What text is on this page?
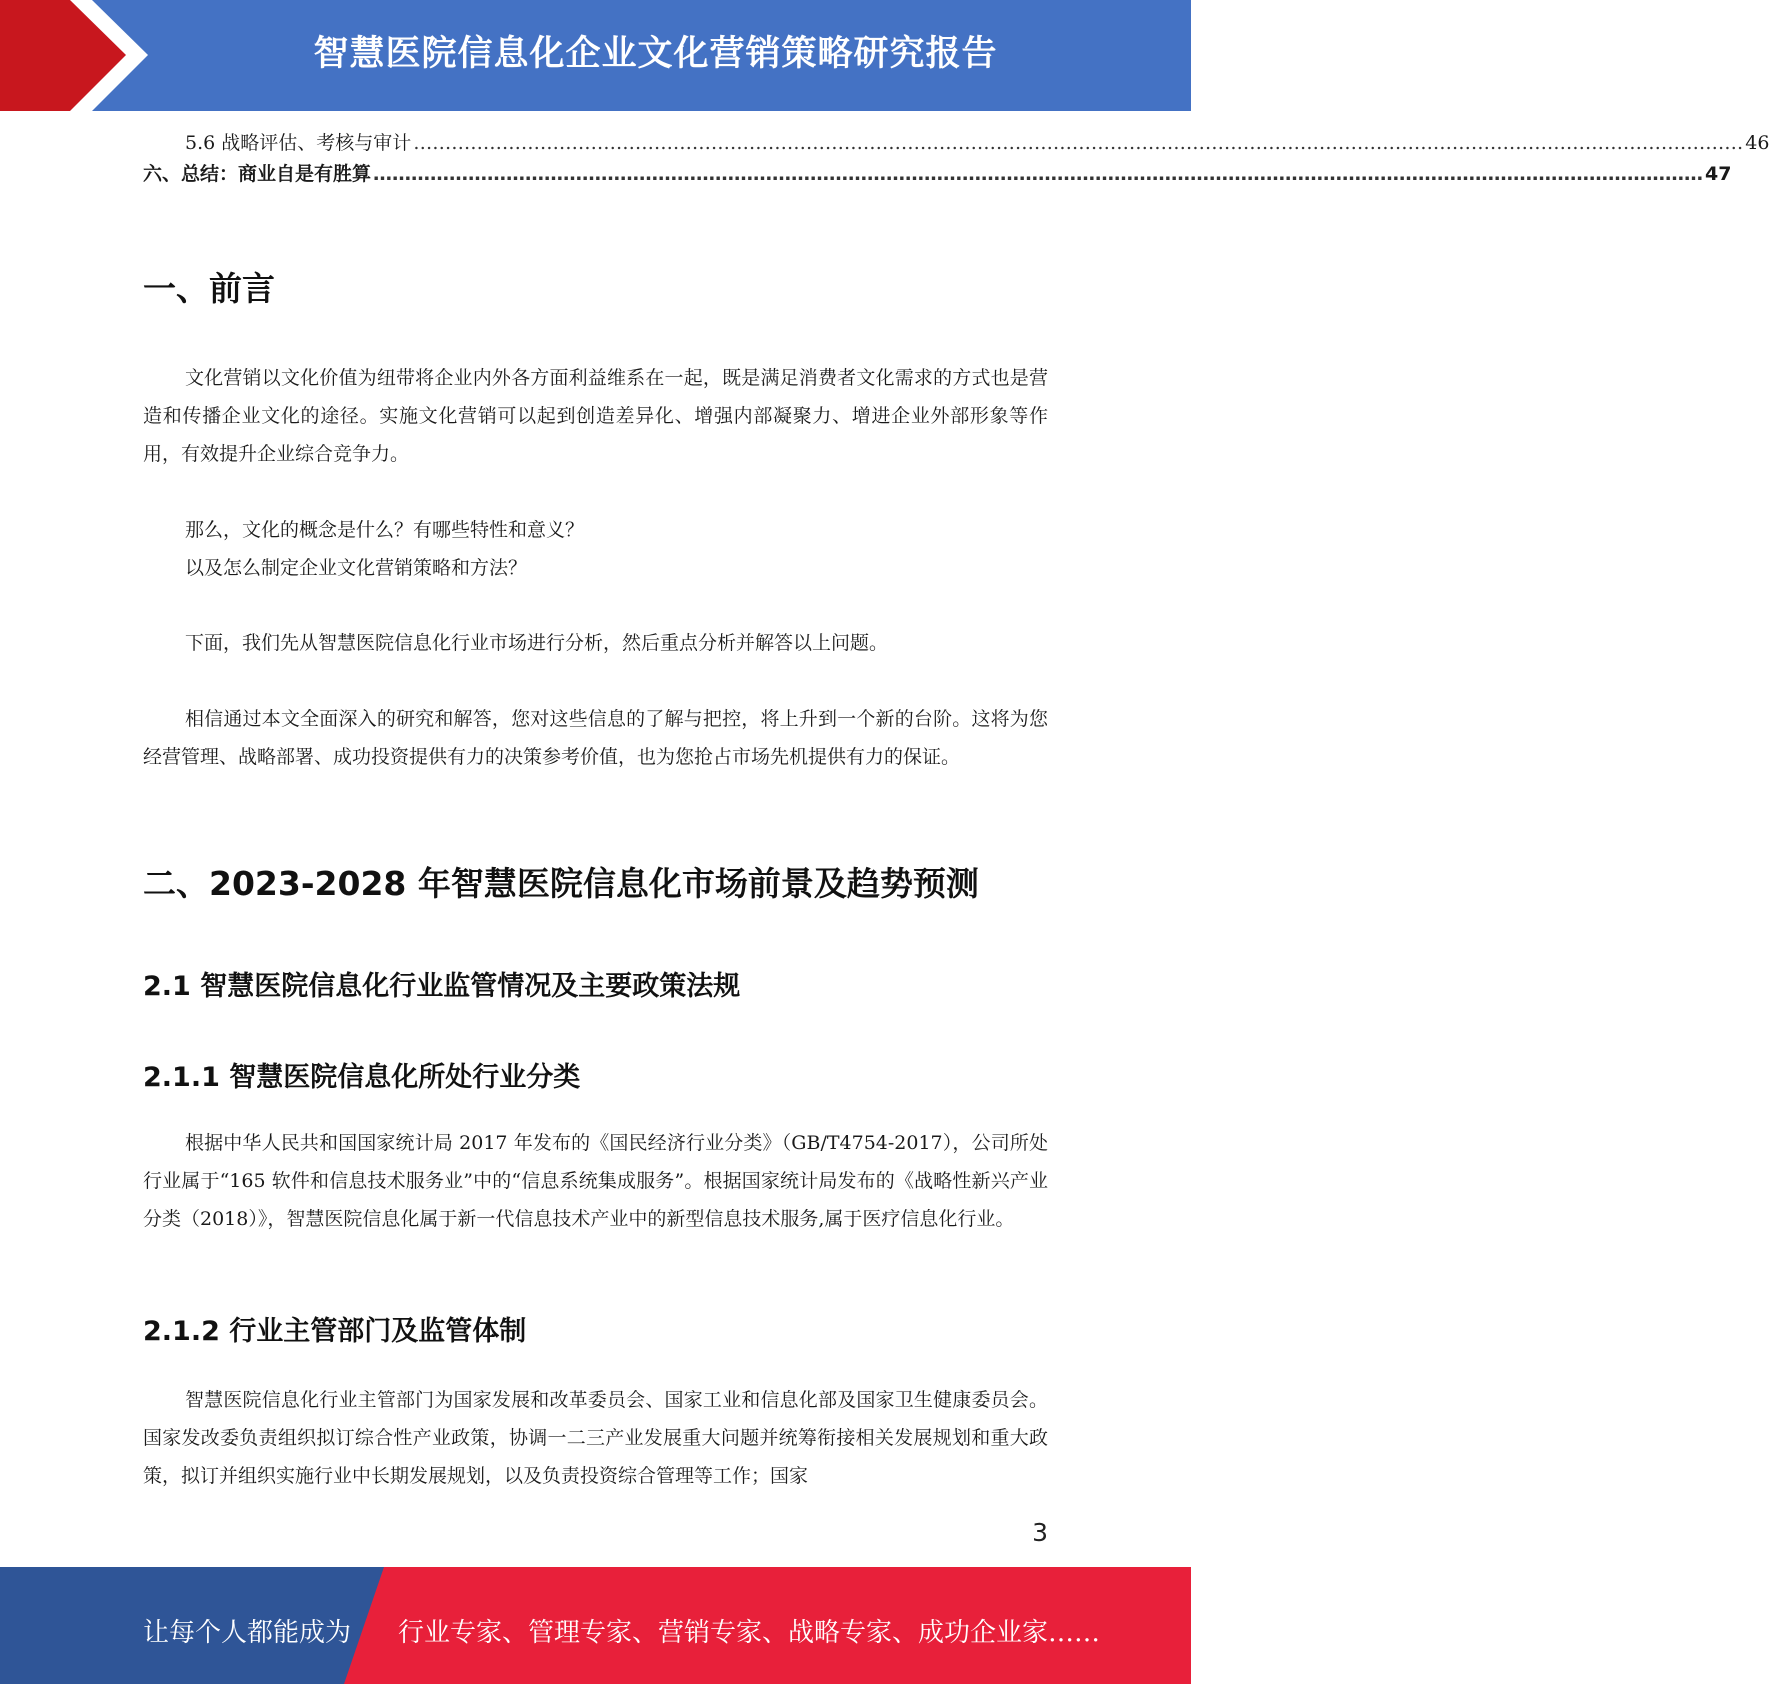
智慧医院信息化企业文化营销策略研究报告
5.6 战略评估、考核与审计 ………………………………………………………………………………………………………………………………………………………………………………………… 46
六、总结：商业自是有胜算 ………………………………………………………………………………………………………………………………………………………………………………………… 47
一、前言

文化营销以文化价值为纽带将企业内外各方面利益维系在一起，既是满足消费者文化需求的方式也是营造和传播企业文化的途径。实施文化营销可以起到创造差异化、增强内部凝聚力、增进企业外部形象等作用，有效提升企业综合竞争力。

那么，文化的概念是什么？有哪些特性和意义？

以及怎么制定企业文化营销策略和方法？

下面，我们先从智慧医院信息化行业市场进行分析，然后重点分析并解答以上问题。

相信通过本文全面深入的研究和解答，您对这些信息的了解与把控，将上升到一个新的台阶。这将为您经营管理、战略部署、成功投资提供有力的决策参考价值，也为您抢占市场先机提供有力的保证。

二、2023-2028 年智慧医院信息化市场前景及趋势预测
2.1 智慧医院信息化行业监管情况及主要政策法规
2.1.1 智慧医院信息化所处行业分类

根据中华人民共和国国家统计局 2017 年发布的《国民经济行业分类》（GB/T4754-2017），公司所处行业属于“165 软件和信息技术服务业”中的“信息系统集成服务”。根据国家统计局发布的《战略性新兴产业分类（2018）》，智慧医院信息化属于新一代信息技术产业中的新型信息技术服务,属于医疗信息化行业。

2.1.2 行业主管部门及监管体制

智慧医院信息化行业主管部门为国家发展和改革委员会、国家工业和信息化部及国家卫生健康委员会。国家发改委负责组织拟订综合性产业政策，协调一二三产业发展重大问题并统筹衔接相关发展规划和重大政策，拟订并组织实施行业中长期发展规划，以及负责投资综合管理等工作；国家

3
让每个人都能成为 行业专家、管理专家、营销专家、战略专家、成功企业家……
